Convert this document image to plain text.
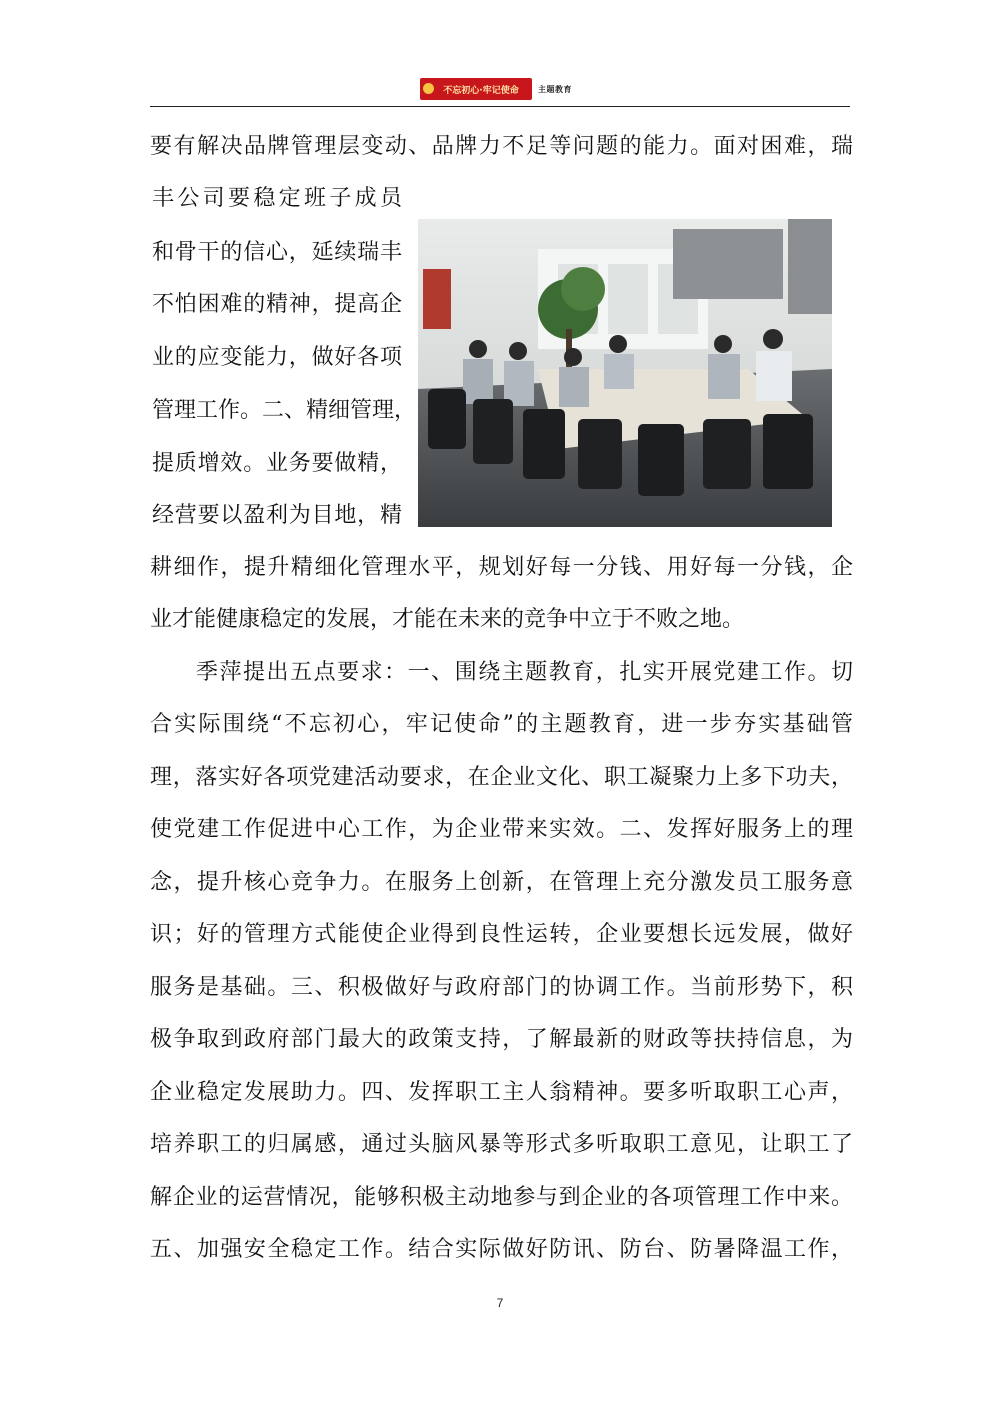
不忘初心·牢记使命 主题教育
要有解决品牌管理层变动、品牌力不足等问题的能力。面对困难，瑞
丰公司要稳定班子成员
和骨干的信心，延续瑞丰
不怕困难的精神，提高企
业的应变能力，做好各项
管理工作。二、精细管理，
提质增效。业务要做精，
经营要以盈利为目地，精
耕细作，提升精细化管理水平，规划好每一分钱、用好每一分钱，企
业才能健康稳定的发展，才能在未来的竞争中立于不败之地。
季萍提出五点要求：一、围绕主题教育，扎实开展党建工作。切
合实际围绕“不忘初心，牢记使命”的主题教育，进一步夯实基础管
理，落实好各项党建活动要求，在企业文化、职工凝聚力上多下功夫，
使党建工作促进中心工作，为企业带来实效。二、发挥好服务上的理
念，提升核心竞争力。在服务上创新，在管理上充分激发员工服务意
识；好的管理方式能使企业得到良性运转，企业要想长远发展，做好
服务是基础。三、积极做好与政府部门的协调工作。当前形势下，积
极争取到政府部门最大的政策支持，了解最新的财政等扶持信息，为
企业稳定发展助力。四、发挥职工主人翁精神。要多听取职工心声，
培养职工的归属感，通过头脑风暴等形式多听取职工意见，让职工了
解企业的运营情况，能够积极主动地参与到企业的各项管理工作中来。
五、加强安全稳定工作。结合实际做好防讯、防台、防暑降温工作，
7
